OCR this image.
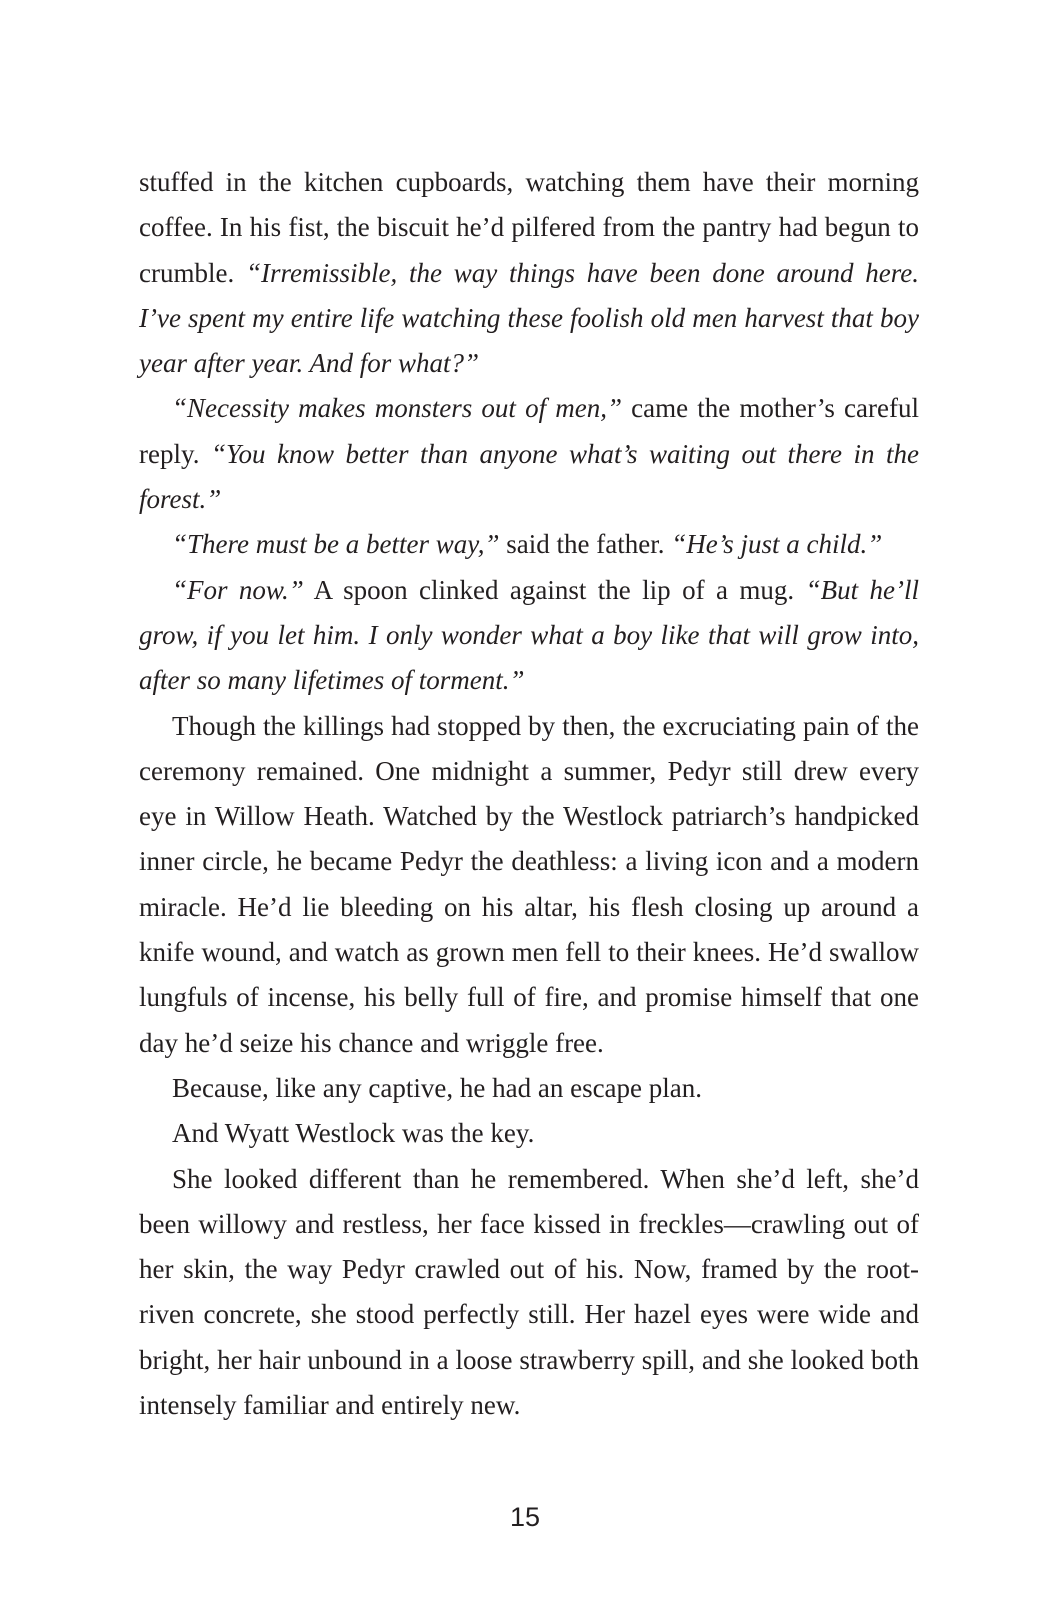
stuffed in the kitchen cupboards, watching them have their morning coffee. In his fist, the biscuit he’d pilfered from the pantry had begun to crumble. “Irremissible, the way things have been done around here. I’ve spent my entire life watching these foolish old men harvest that boy year after year. And for what?”

“Necessity makes monsters out of men,” came the mother’s careful reply. “You know better than anyone what’s waiting out there in the forest.”

“There must be a better way,” said the father. “He’s just a child.”

“For now.” A spoon clinked against the lip of a mug. “But he’ll grow, if you let him. I only wonder what a boy like that will grow into, after so many lifetimes of torment.”

Though the killings had stopped by then, the excruciating pain of the ceremony remained. One midnight a summer, Pedyr still drew every eye in Willow Heath. Watched by the Westlock patriarch’s handpicked inner circle, he became Pedyr the deathless: a living icon and a modern miracle. He’d lie bleeding on his altar, his flesh closing up around a knife wound, and watch as grown men fell to their knees. He’d swallow lungfuls of incense, his belly full of fire, and promise himself that one day he’d seize his chance and wriggle free.

Because, like any captive, he had an escape plan.

And Wyatt Westlock was the key.

She looked different than he remembered. When she’d left, she’d been willowy and restless, her face kissed in freckles—crawling out of her skin, the way Pedyr crawled out of his. Now, framed by the root-riven concrete, she stood perfectly still. Her hazel eyes were wide and bright, her hair unbound in a loose strawberry spill, and she looked both intensely familiar and entirely new.

15
